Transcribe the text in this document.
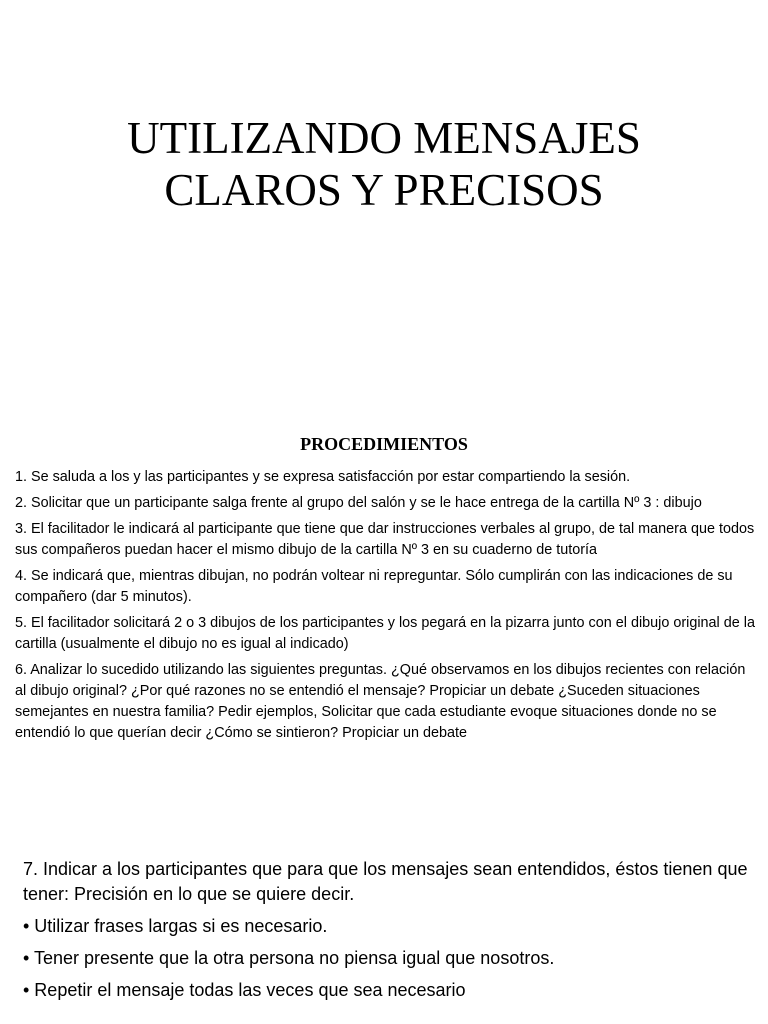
UTILIZANDO MENSAJES
CLAROS Y PRECISOS
PROCEDIMIENTOS
1. Se saluda a los y las participantes y se expresa satisfacción por estar compartiendo la sesión.
2. Solicitar que un participante salga frente al grupo del salón y se le hace entrega de la cartilla Nº 3 : dibujo
3. El facilitador le indicará al participante que tiene que dar instrucciones verbales al grupo, de tal manera que todos sus compañeros puedan hacer el mismo dibujo de la cartilla Nº 3 en su cuaderno de tutoría
4. Se indicará que, mientras dibujan, no podrán voltear ni repreguntar. Sólo cumplirán con las indicaciones de su compañero (dar 5 minutos).
5. El facilitador solicitará 2 o 3 dibujos de los participantes y los pegará en la pizarra junto con el dibujo original de la cartilla (usualmente el dibujo no es igual al indicado)
6. Analizar lo sucedido utilizando las siguientes preguntas. ¿Qué observamos en los dibujos recientes con relación al dibujo original? ¿Por qué razones no se entendió el mensaje? Propiciar un debate ¿Suceden situaciones semejantes en nuestra familia? Pedir ejemplos, Solicitar que cada estudiante evoque situaciones donde no se entendió lo que querían decir ¿Cómo se sintieron? Propiciar un debate

7. Indicar a los participantes que para que los mensajes sean entendidos, éstos tienen que tener: Precisión en lo que se quiere decir.

• Utilizar frases largas si es necesario.
• Tener presente que la otra persona no piensa igual que nosotros.
• Repetir el mensaje todas las veces que sea necesario
